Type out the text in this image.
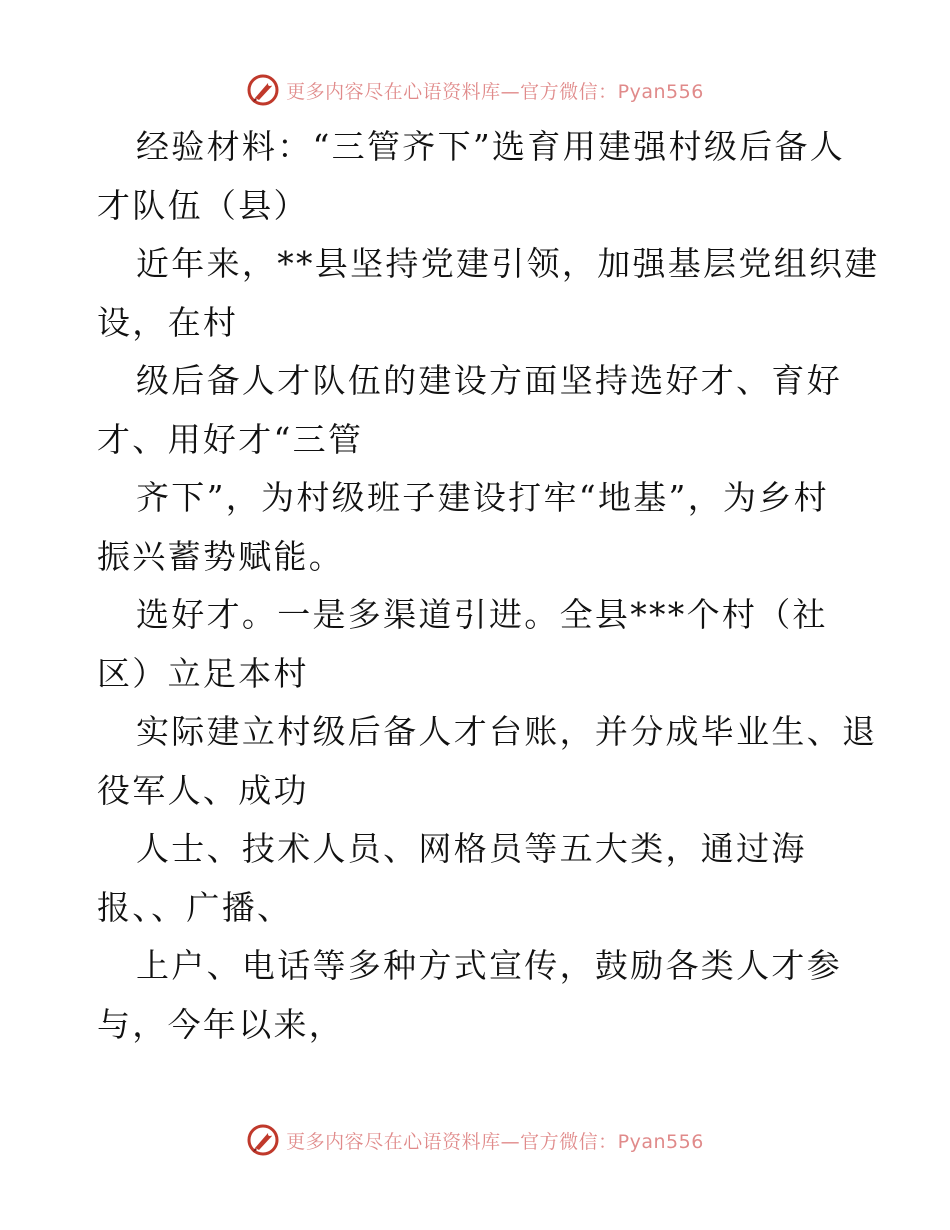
更多内容尽在心语资料库—官方微信：Pyan556
经验材料：“三管齐下”选育用建强村级后备人
才队伍（县）
近年来，**县坚持党建引领，加强基层党组织建
设，在村
级后备人才队伍的建设方面坚持选好才、育好
才、用好才“三管
齐下”，为村级班子建设打牢“地基”，为乡村
振兴蓄势赋能。
选好才。一是多渠道引进。全县***个村（社
区）立足本村
实际建立村级后备人才台账，并分成毕业生、退
役军人、成功
人士、技术人员、网格员等五大类，通过海
报、、广播、
上户、电话等多种方式宣传，鼓励各类人才参
与，今年以来，
更多内容尽在心语资料库—官方微信：Pyan556
